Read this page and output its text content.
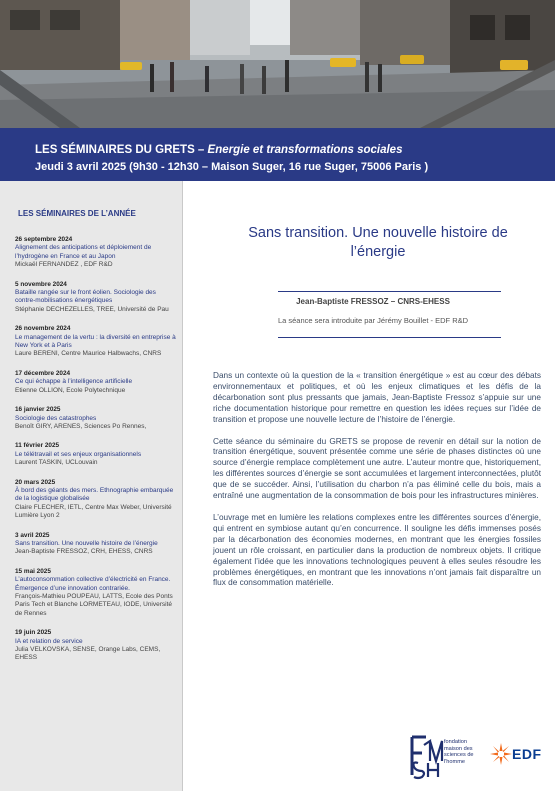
LES SÉMINAIRES DU GRETS – Energie et transformations sociales
Jeudi 3 avril 2025 (9h30 - 12h30 – Maison Suger, 16 rue Suger, 75006 Paris )
LES SÉMINAIRES DE L’ANNÉE
26 septembre 2024
Alignement des anticipations et déploiement de l’hydrogène en France et au Japon
Mickaël FERNANDEZ , EDF R&D
5 novembre 2024
Bataille rangée sur le front éolien. Sociologie des contre-mobilisations énergétiques
Stéphanie DECHEZELLES, TREE, Université de Pau
26 novembre 2024
Le management de la vertu : la diversité en entreprise à New York et à Paris
Laure BERENI, Centre Maurice Halbwachs, CNRS
17 décembre 2024
Ce qui échappe à l’intelligence artificielle
Etienne OLLION, Ecole Polytechnique
16 janvier 2025
Sociologie des catastrophes
Benoît GIRY, ARENES, Sciences Po Rennes,
11 février 2025
Le télétravail et ses enjeux organisationnels
Laurent TASKIN, UCLouvain
20 mars 2025
À bord des géants des mers. Ethnographie embarquée de la logistique globalisée
Claire FLECHER, IETL, Centre Max Weber, Université Lumière Lyon 2
3 avril 2025
Sans transition. Une nouvelle histoire de l’énergie
Jean-Baptiste FRESSOZ, CRH, EHESS, CNRS
15 mai 2025
L’autoconsommation collective d’électricité en France. Émergence d’une innovation contrariée.
François-Mathieu POUPEAU, LATTS, Ecole des Ponts Paris Tech et Blanche LORMETEAU, IODE, Université de Rennes
19 juin 2025
IA et relation de service
Julia VELKOVSKA, SENSE, Orange Labs, CEMS, EHESS
Sans transition. Une nouvelle histoire de l’énergie
Jean-Baptiste FRESSOZ – CNRS-EHESS
La séance sera introduite par Jérémy Bouillet - EDF R&D

Dans un contexte où la question de la « transition énergétique » est au cœur des débats environnementaux et politiques, et où les enjeux climatiques et les défis de la décarbonation sont plus pressants que jamais, Jean-Baptiste Fressoz s’appuie sur une riche documentation historique pour remettre en question les idées reçues sur l’idée de transition et propose une nouvelle lecture de l’histoire de l’énergie.

Cette séance du séminaire du GRETS se propose de revenir en détail sur la notion de transition énergétique, souvent présentée comme une série de phases distinctes où une source d’énergie remplace complètement une autre. L’auteur montre que, historiquement, les différentes sources d’énergie se sont accumulées et largement interconnectées, plutôt que de se succéder. Ainsi, l’utilisation du charbon n’a pas éliminé celle du bois, mais a entraîné une augmentation de la consommation de bois pour les infrastructures minières.

L’ouvrage met en lumière les relations complexes entre les différentes sources d’énergie, qui entrent en symbiose autant qu’en concurrence. Il souligne les défis immenses posés par la décarbonation des économies modernes, en montrant que les énergies fossiles jouent un rôle croissant, en particulier dans la production de nombreux objets. Il critique également l’idée que les innovations technologiques peuvent à elles seules résoudre les problèmes énergétiques, en montrant que les innovations n’ont jamais fait disparaître un flux de consommation matérielle.

fondation maison des sciences de l'homme	EDF
